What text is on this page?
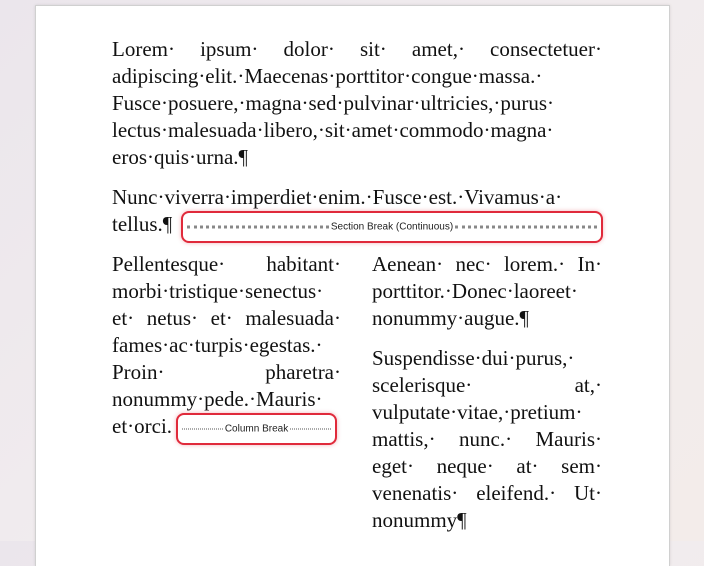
Lorem· ipsum· dolor· sit· amet,· consectetuer· adipiscing·elit.·Maecenas·porttitor·congue·massa.· Fusce·posuere,·magna·sed·pulvinar·ultricies,·purus· lectus·malesuada·libero,·sit·amet·commodo·magna· eros·quis·urna.¶

Nunc·viverra·imperdiet·enim.·Fusce·est.·Vivamus·a·
tellus.¶	Section Break (Continuous)

Pellentesque· habitant· morbi·tristique·senectus· et· netus· et· malesuada· fames·ac·turpis·egestas.· Proin· pharetra· nonummy·pede.·Mauris· et·orci.	Column Break

Aenean· nec· lorem.· In· porttitor.·Donec·laoreet· nonummy·augue.¶

Suspendisse·dui·purus,· scelerisque· at,· vulputate·vitae,·pretium· mattis,· nunc.· Mauris· eget· neque· at· sem· venenatis· eleifend.· Ut· nonummy¶
